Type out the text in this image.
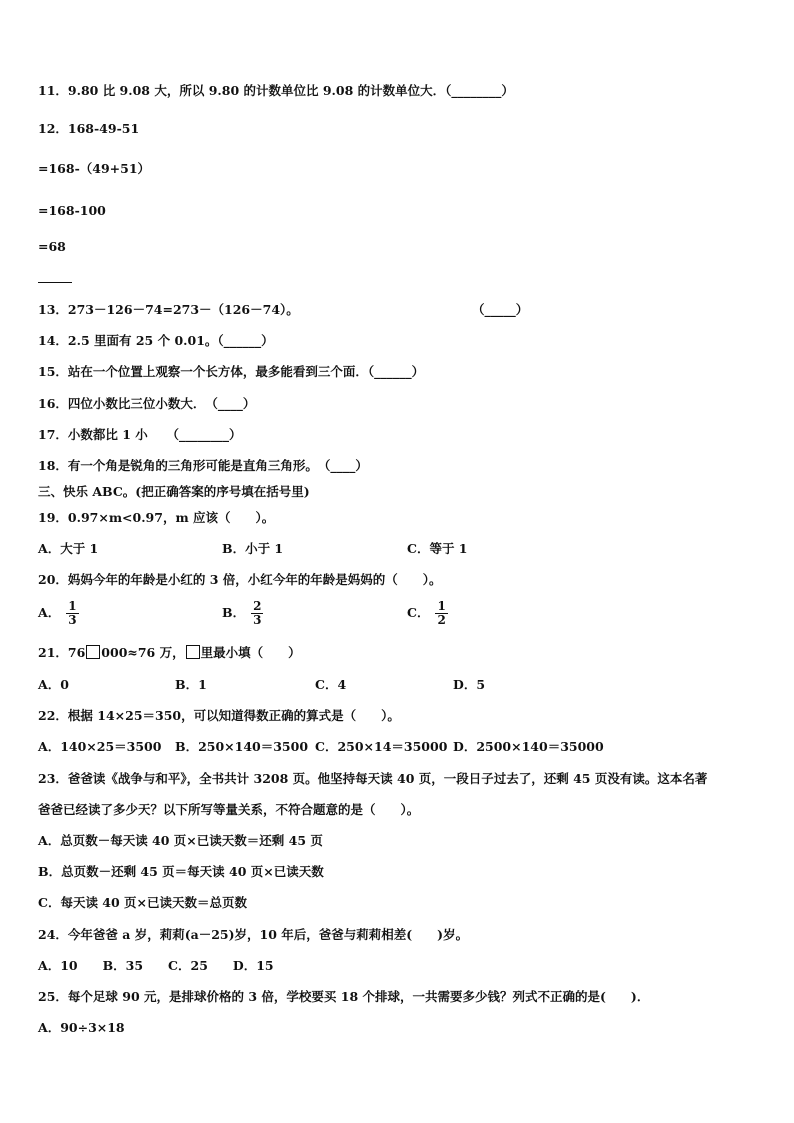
11．9.80 比 9.08 大，所以 9.80 的计数单位比 9.08 的计数单位大．（________）
12．168-49-51
=168-（49+51）
=168-100
=68
13．273－126－74=273－（126－74）。	（_____）
14．2.5 里面有 25 个 0.01。（______）
15．站在一个位置上观察一个长方体，最多能看到三个面．（______）
16．四位小数比三位小数大．　（____）
17．小数都比 1 小　　（________）
18．有一个角是锐角的三角形可能是直角三角形。　（____）
三、快乐 ABC。(把正确答案的序号填在括号里)
19．0.97×m<0.97，m 应该（　　）。
A．大于 1	B．小于 1	C．等于 1
20．妈妈今年的年龄是小红的 3 倍，小红今年的年龄是妈妈的（　　）。
A． $\frac{1}{3}$	B． $\frac{2}{3}$	C． $\frac{1}{2}$
21．76 000≈76 万， 里最小填（　　）
A．0	B．1	C．4	D．5
22．根据 14×25＝350，可以知道得数正确的算式是（　　）。
A．140×25＝3500 B．250×140＝3500 C．250×14＝35000 D．2500×140＝35000
23．爸爸读《战争与和平》，全书共计 3208 页。他坚持每天读 40 页，一段日子过去了，还剩 45 页没有读。这本名著
爸爸已经读了多少天？以下所写等量关系，不符合题意的是（　　）。
A．总页数－每天读 40 页×已读天数＝还剩 45 页
B．总页数－还剩 45 页＝每天读 40 页×已读天数
C．每天读 40 页×已读天数＝总页数
24．今年爸爸 a 岁，莉莉(a－25)岁，10 年后，爸爸与莉莉相差(　　)岁。
A．10　　B．35　　C．25　　D．15
25．每个足球 90 元，是排球价格的 3 倍，学校要买 18 个排球，一共需要多少钱？列式不正确的是(　　)．
A．90÷3×18
